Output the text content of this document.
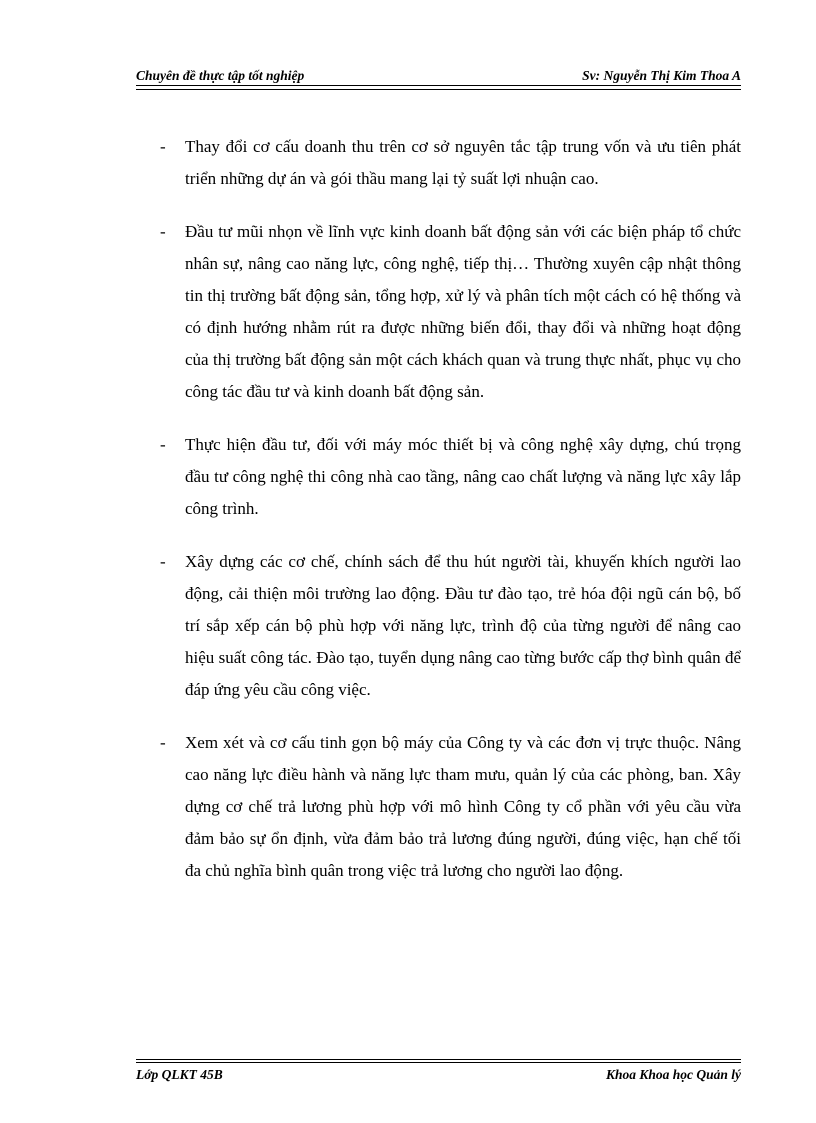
Chuyên đề thực tập tốt nghiệp	Sv: Nguyễn Thị Kim Thoa A
- Thay đổi cơ cấu doanh thu trên cơ sở nguyên tắc tập trung vốn và ưu tiên phát triển những dự án và gói thầu mang lại tỷ suất lợi nhuận cao.
- Đầu tư mũi nhọn về lĩnh vực kinh doanh bất động sản với các biện pháp tổ chức nhân sự, nâng cao năng lực, công nghệ, tiếp thị… Thường xuyên cập nhật thông tin thị trường bất động sản, tổng hợp, xử lý và phân tích một cách có hệ thống và có định hướng nhằm rút ra được những biến đổi, thay đổi và những hoạt động của thị trường bất động sản một cách khách quan và trung thực nhất, phục vụ cho công tác đầu tư và kinh doanh bất động sản.
- Thực hiện đầu tư, đối với máy móc thiết bị và công nghệ xây dựng, chú trọng đầu tư công nghệ thi công nhà cao tầng, nâng cao chất lượng và năng lực xây lắp công trình.
- Xây dựng các cơ chế, chính sách để thu hút người tài, khuyến khích người lao động, cải thiện môi trường lao động. Đầu tư đào tạo, trẻ hóa đội ngũ cán bộ, bố trí sắp xếp cán bộ phù hợp với năng lực, trình độ của từng người để nâng cao hiệu suất công tác. Đào tạo, tuyển dụng nâng cao từng bước cấp thợ bình quân để đáp ứng yêu cầu công việc.
- Xem xét và cơ cấu tinh gọn bộ máy của Công ty và các đơn vị trực thuộc. Nâng cao năng lực điều hành và năng lực tham mưu, quản lý của các phòng, ban. Xây dựng cơ chế trả lương phù hợp với mô hình Công ty cổ phần với yêu cầu vừa đảm bảo sự ổn định, vừa đảm bảo trả lương đúng người, đúng việc, hạn chế tối đa chủ nghĩa bình quân trong việc trả lương cho người lao động.
Lớp QLKT 45B	Khoa Khoa học Quản lý
